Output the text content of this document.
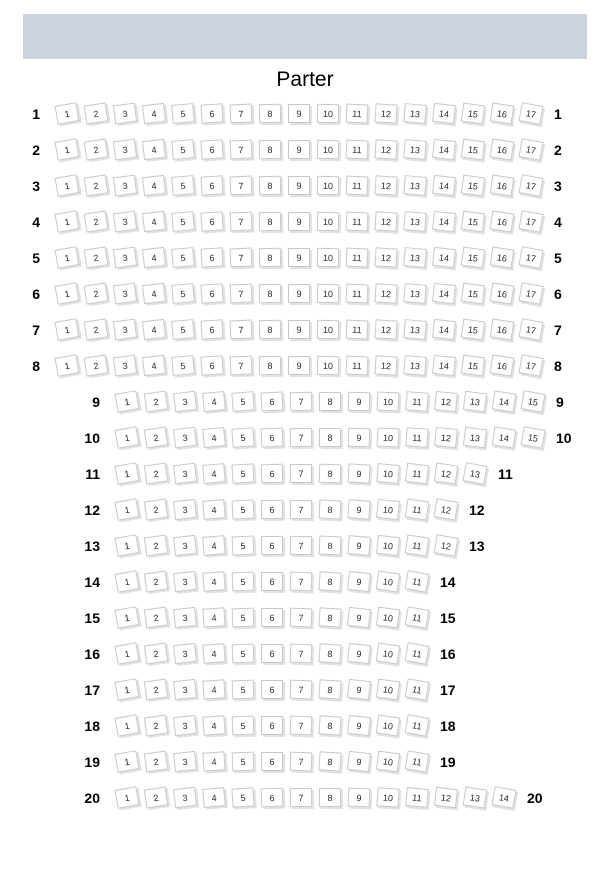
Parter
1	1	2	3	4	5	6	7	8	9	10	11	12	13	14	15	16	17	1
2	1	2	3	4	5	6	7	8	9	10	11	12	13	14	15	16	17	2
3	1	2	3	4	5	6	7	8	9	10	11	12	13	14	15	16	17	3
4	1	2	3	4	5	6	7	8	9	10	11	12	13	14	15	16	17	4
5	1	2	3	4	5	6	7	8	9	10	11	12	13	14	15	16	17	5
6	1	2	3	4	5	6	7	8	9	10	11	12	13	14	15	16	17	6
7	1	2	3	4	5	6	7	8	9	10	11	12	13	14	15	16	17	7
8	1	2	3	4	5	6	7	8	9	10	11	12	13	14	15	16	17	8
9	1	2	3	4	5	6	7	8	9	10	11	12	13	14	15	9
10	1	2	3	4	5	6	7	8	9	10	11	12	13	14	15	10
11	1	2	3	4	5	6	7	8	9	10	11	12	13	11
12	1	2	3	4	5	6	7	8	9	10	11	12	12
13	1	2	3	4	5	6	7	8	9	10	11	12	13
14	1	2	3	4	5	6	7	8	9	10	11	14
15	1	2	3	4	5	6	7	8	9	10	11	15
16	1	2	3	4	5	6	7	8	9	10	11	16
17	1	2	3	4	5	6	7	8	9	10	11	17
18	1	2	3	4	5	6	7	8	9	10	11	18
19	1	2	3	4	5	6	7	8	9	10	11	19
20	1	2	3	4	5	6	7	8	9	10	11	12	13	14	20
